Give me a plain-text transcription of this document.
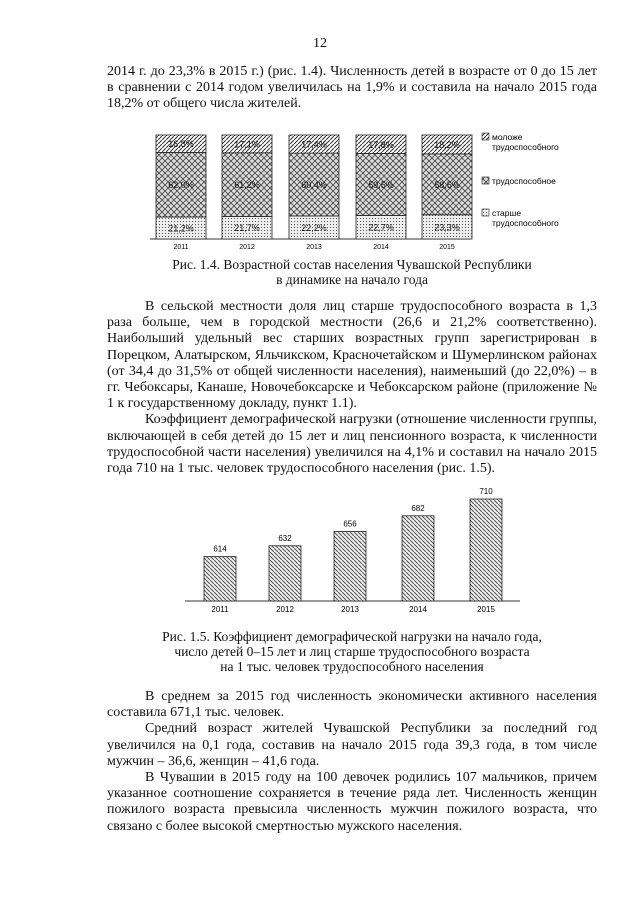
12

2014 г. до 23,3% в 2015 г.) (рис. 1.4). Численность детей в возрасте от 0 до 15 лет в сравнении с 2014 годом увеличилась на 1,9% и составила на начало 2015 года 18,2% от общего числа жителей.

21,2%
62,0%
16,8%
2011
21,7%
61,2%
17,1%
2012
22,2%
60,4%
17,4%
2013
22,7%
59,5%
17,8%
2014
23,3%
58,5%
18,2%
2015
моложе трудоспособного
трудоспособное
старше трудоспособного
Рис. 1.4. Возрастной состав населения Чувашской Республики
в динамике на начало года

В сельской местности доля лиц старше трудоспособного возраста в 1,3 раза больше, чем в городской местности (26,6 и 21,2% соответственно). Наибольший удельный вес старших возрастных групп зарегистрирован в Порецком, Алатырском, Яльчикском, Красночетайском и Шумерлинском районах (от 34,4 до 31,5% от общей численности населения), наименьший (до 22,0%) – в гг. Чебоксары, Канаше, Новочебоксарске и Чебоксарском районе (приложение № 1 к государственному докладу, пункт 1.1).

Коэффициент демографической нагрузки (отношение численности группы, включающей в себя детей до 15 лет и лиц пенсионного возраста, к численности трудоспособной части населения) увеличился на 4,1% и составил на начало 2015 года 710 на 1 тыс. человек трудоспособного населения (рис. 1.5).

614
2011
632
2012
656
2013
682
2014
710
2015
Рис. 1.5. Коэффициент демографической нагрузки на начало года,
число детей 0–15 лет и лиц старше трудоспособного возраста
на 1 тыс. человек трудоспособного населения

В среднем за 2015 год численность экономически активного населения составила 671,1 тыс. человек.

Средний возраст жителей Чувашской Республики за последний год увеличился на 0,1 года, составив на начало 2015 года 39,3 года, в том числе мужчин – 36,6, женщин – 41,6 года.

В Чувашии в 2015 году на 100 девочек родились 107 мальчиков, причем указанное соотношение сохраняется в течение ряда лет. Численность женщин пожилого возраста превысила численность мужчин пожилого возраста, что связано с более высокой смертностью мужского населения.
